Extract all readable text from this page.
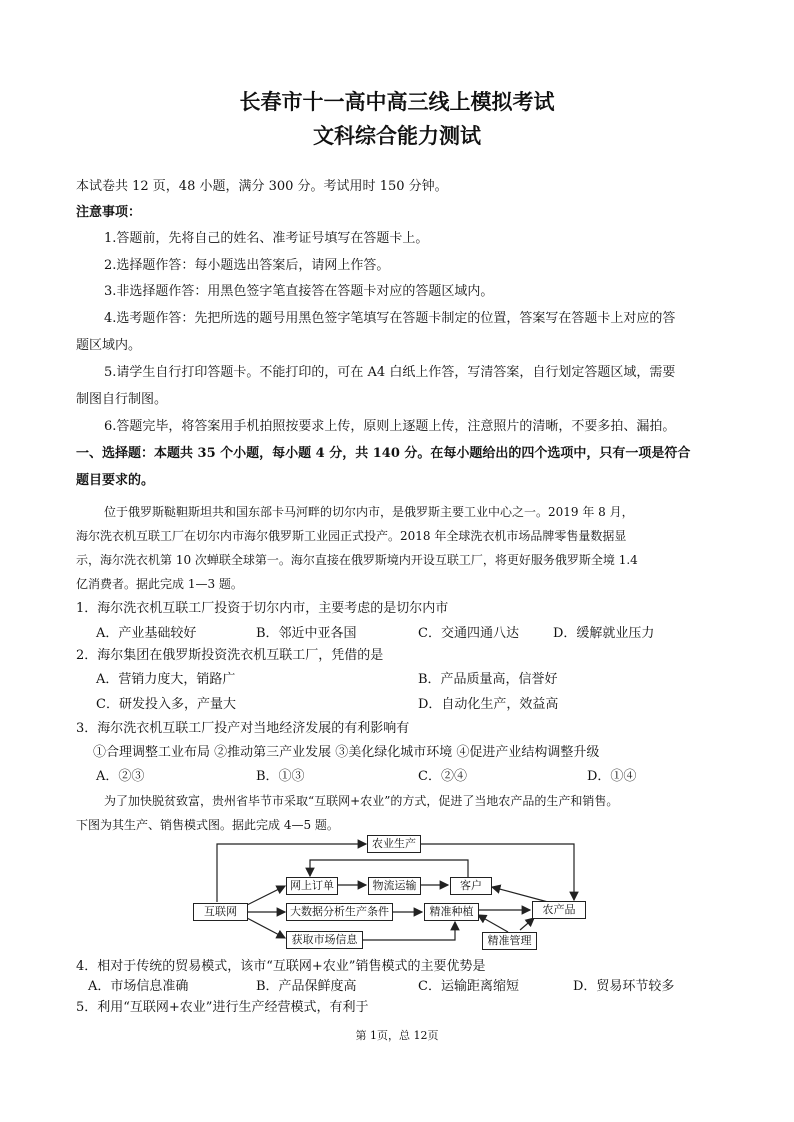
长春市十一高中高三线上模拟考试
文科综合能力测试
本试卷共 12 页，48 小题，满分 300 分。考试用时 150 分钟。
注意事项：
1.答题前，先将自己的姓名、准考证号填写在答题卡上。
2.选择题作答：每小题选出答案后，请网上作答。
3.非选择题作答：用黑色签字笔直接答在答题卡对应的答题区域内。
4.选考题作答：先把所选的题号用黑色签字笔填写在答题卡制定的位置，答案写在答题卡上对应的答
题区域内。
5.请学生自行打印答题卡。不能打印的，可在 A4 白纸上作答，写清答案，自行划定答题区域，需要
制图自行制图。
6.答题完毕，将答案用手机拍照按要求上传，原则上逐题上传，注意照片的清晰，不要多拍、漏拍。
一、选择题：本题共 35 个小题，每小题 4 分，共 140 分。在每小题给出的四个选项中，只有一项是符合
题目要求的。
位于俄罗斯鞑靼斯坦共和国东部卡马河畔的切尔内市，是俄罗斯主要工业中心之一。2019 年 8 月，
海尔洗衣机互联工厂在切尔内市海尔俄罗斯工业园正式投产。2018 年全球洗衣机市场品牌零售量数据显
示，海尔洗衣机第 10 次蝉联全球第一。海尔直接在俄罗斯境内开设互联工厂，将更好服务俄罗斯全境 1.4
亿消费者。据此完成 1—3 题。
1．海尔洗衣机互联工厂投资于切尔内市，主要考虑的是切尔内市
A．产业基础较好	B．邻近中亚各国	C．交通四通八达	D．缓解就业压力
2．海尔集团在俄罗斯投资洗衣机互联工厂，凭借的是
A．营销力度大，销路广	B．产品质量高，信誉好
C．研发投入多，产量大	D．自动化生产，效益高
3．海尔洗衣机互联工厂投产对当地经济发展的有利影响有
①合理调整工业布局 ②推动第三产业发展 ③美化绿化城市环境 ④促进产业结构调整升级
A．②③	B．①③	C．②④	D．①④
为了加快脱贫致富，贵州省毕节市采取“互联网+农业”的方式，促进了当地农产品的生产和销售。
下图为其生产、销售模式图。据此完成 4—5 题。
农业生产
互联网
网上订单	物流运输	客户
大数据分析生产条件	精准种植	农产品
获取市场信息	精准管理
4．相对于传统的贸易模式，该市“互联网+农业”销售模式的主要优势是
A．市场信息准确	B．产品保鲜度高	C．运输距离缩短	D．贸易环节较多
5．利用“互联网+农业”进行生产经营模式，有利于
第 1页，总 12页
